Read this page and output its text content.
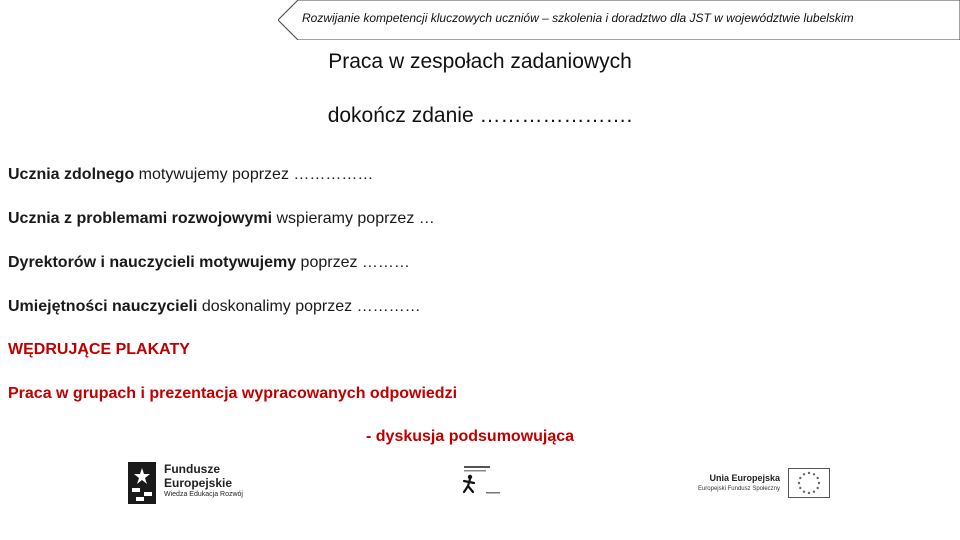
Rozwijanie kompetencji kluczowych uczniów – szkolenia i doradztwo dla JST w województwie lubelskim
Praca w zespołach zadaniowych
dokończ zdanie ………………….
Ucznia zdolnego motywujemy poprzez ……………
Ucznia z problemami rozwojowymi wspieramy poprzez …
Dyrektorów i nauczycieli motywujemy poprzez ………
Umiejętności nauczycieli doskonalimy poprzez …………
WĘDRUJĄCE PLAKATY
Praca w grupach i prezentacja wypracowanych odpowiedzi
- dyskusja podsumowująca
Fundusze
Europejskie
Wiedza Edukacja Rozwój
Unia Europejska
Europejski Fundusz Społeczny
